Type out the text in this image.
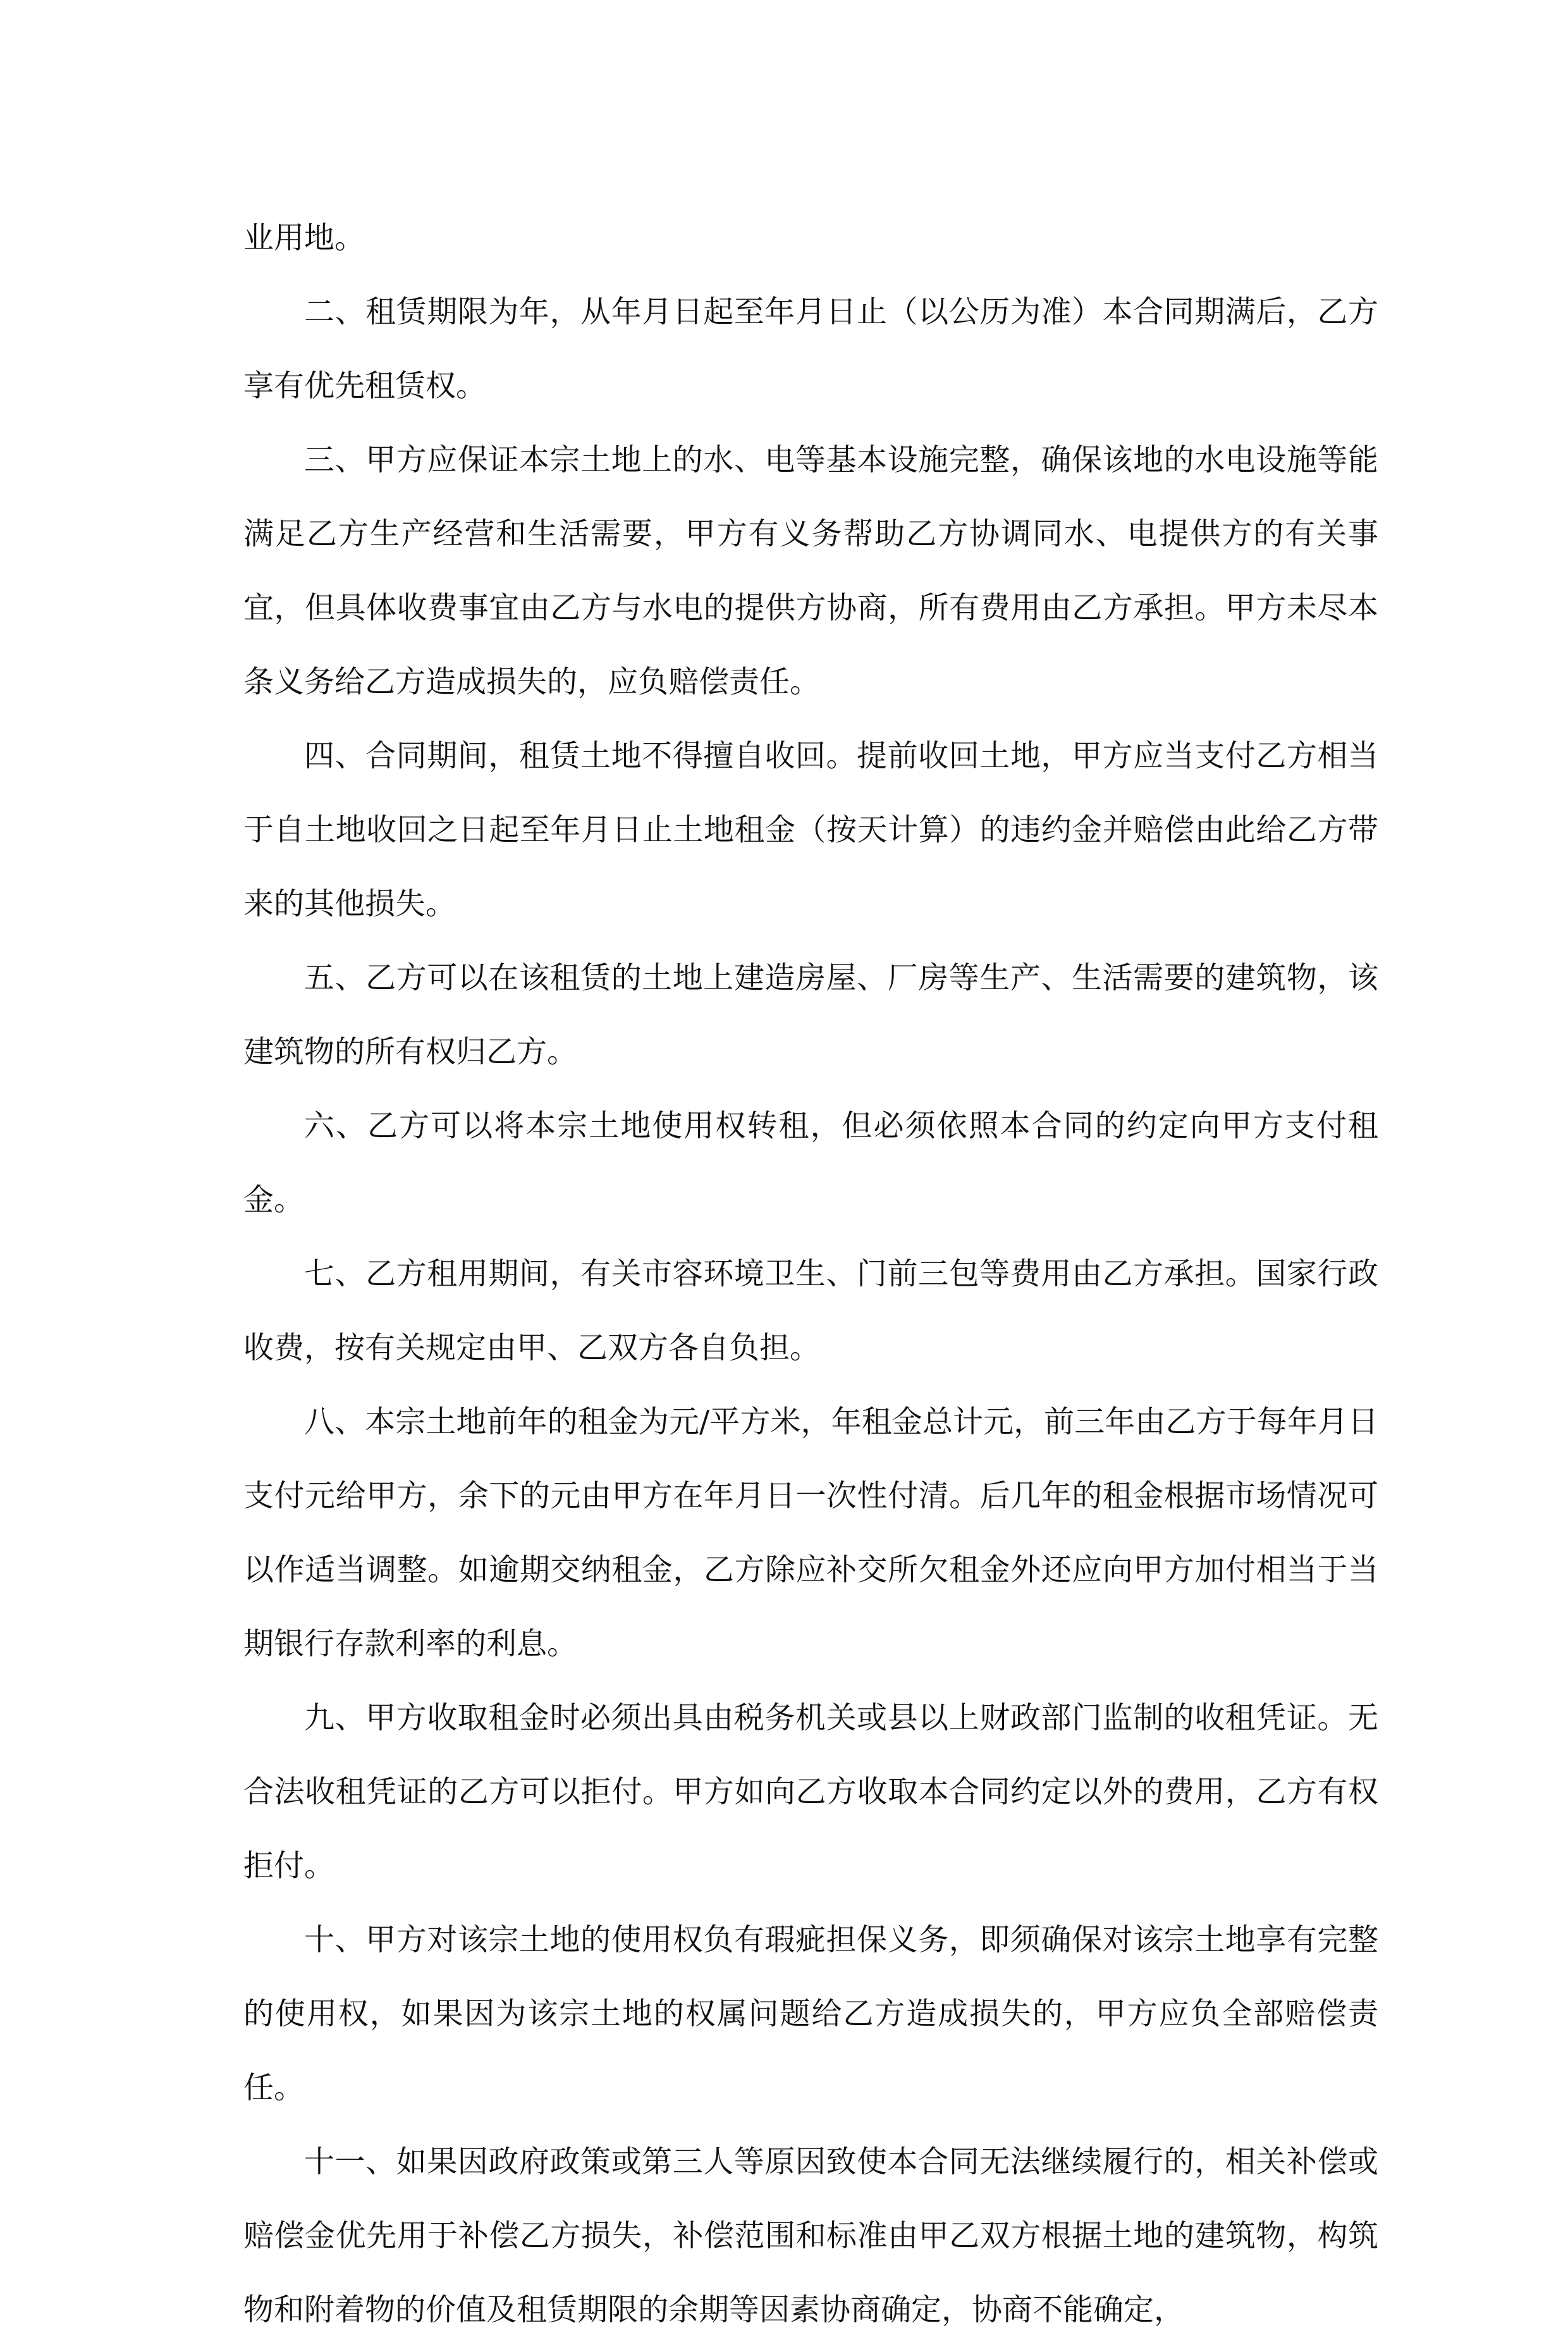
业用地。

二、租赁期限为年，从年月日起至年月日止（以公历为准）本合同期满后，乙方享有优先租赁权。

三、甲方应保证本宗土地上的水、电等基本设施完整，确保该地的水电设施等能满足乙方生产经营和生活需要，甲方有义务帮助乙方协调同水、电提供方的有关事宜，但具体收费事宜由乙方与水电的提供方协商，所有费用由乙方承担。甲方未尽本条义务给乙方造成损失的，应负赔偿责任。

四、合同期间，租赁土地不得擅自收回。提前收回土地，甲方应当支付乙方相当于自土地收回之日起至年月日止土地租金（按天计算）的违约金并赔偿由此给乙方带来的其他损失。

五、乙方可以在该租赁的土地上建造房屋、厂房等生产、生活需要的建筑物，该建筑物的所有权归乙方。

六、乙方可以将本宗土地使用权转租，但必须依照本合同的约定向甲方支付租金。

七、乙方租用期间，有关市容环境卫生、门前三包等费用由乙方承担。国家行政收费，按有关规定由甲、乙双方各自负担。

八、本宗土地前年的租金为元/平方米，年租金总计元，前三年由乙方于每年月日支付元给甲方，余下的元由甲方在年月日一次性付清。后几年的租金根据市场情况可以作适当调整。如逾期交纳租金，乙方除应补交所欠租金外还应向甲方加付相当于当期银行存款利率的利息。

九、甲方收取租金时必须出具由税务机关或县以上财政部门监制的收租凭证。无合法收租凭证的乙方可以拒付。甲方如向乙方收取本合同约定以外的费用，乙方有权拒付。

十、甲方对该宗土地的使用权负有瑕疵担保义务，即须确保对该宗土地享有完整的使用权，如果因为该宗土地的权属问题给乙方造成损失的，甲方应负全部赔偿责任。

十一、如果因政府政策或第三人等原因致使本合同无法继续履行的，相关补偿或赔偿金优先用于补偿乙方损失，补偿范围和标准由甲乙双方根据土地的建筑物，构筑物和附着物的价值及租赁期限的余期等因素协商确定，协商不能确定，
